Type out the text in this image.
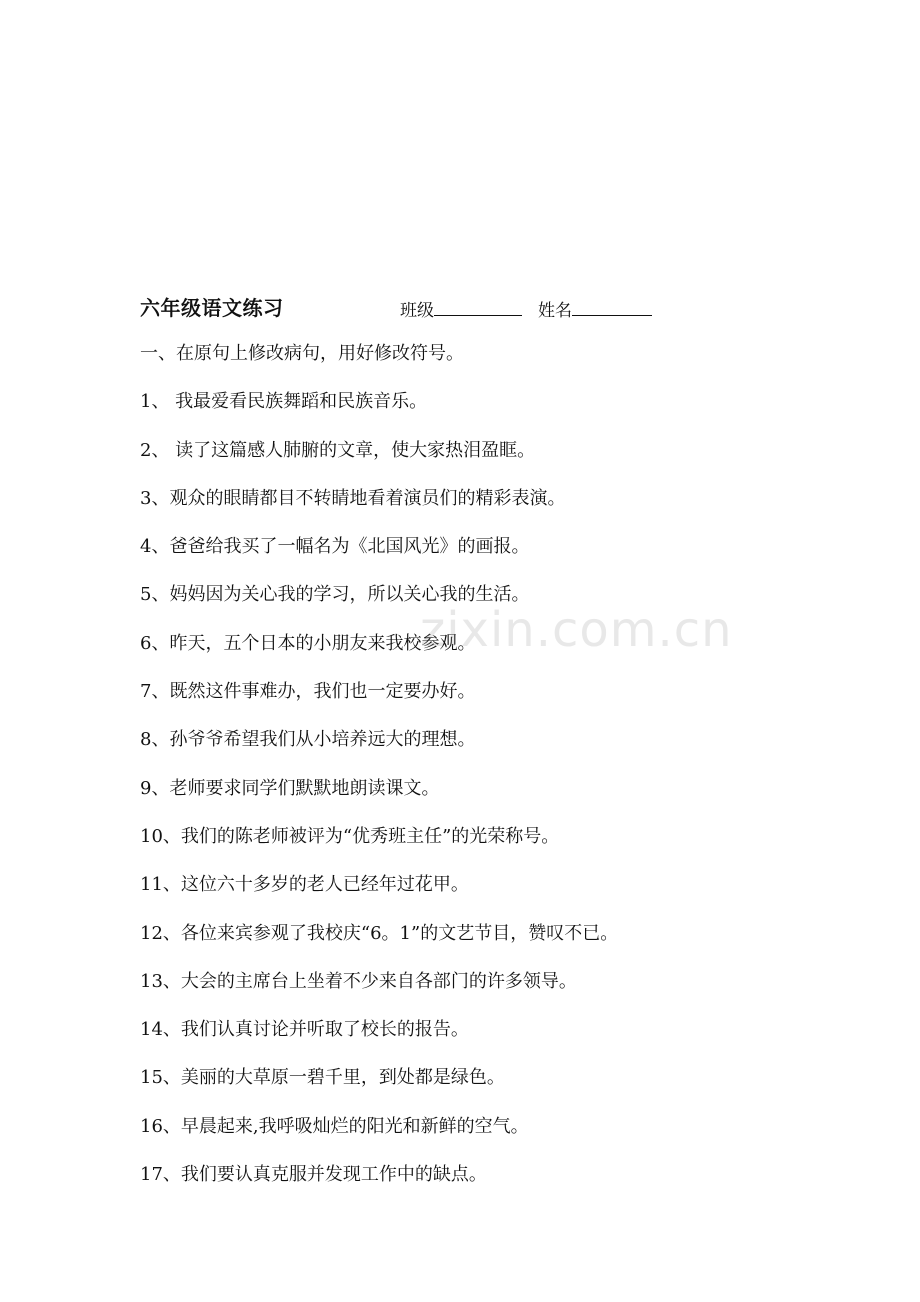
六年级语文练习	班级	姓名
一、在原句上修改病句，用好修改符号。
1、 我最爱看民族舞蹈和民族音乐。
2、 读了这篇感人肺腑的文章，使大家热泪盈眶。
3、观众的眼睛都目不转睛地看着演员们的精彩表演。
4、爸爸给我买了一幅名为《北国风光》的画报。
5、妈妈因为关心我的学习，所以关心我的生活。
6、昨天，五个日本的小朋友来我校参观。
7、既然这件事难办，我们也一定要办好。
8、孙爷爷希望我们从小培养远大的理想。
9、老师要求同学们默默地朗读课文。
10、我们的陈老师被评为“优秀班主任”的光荣称号。
11、这位六十多岁的老人已经年过花甲。
12、各位来宾参观了我校庆“6。1”的文艺节目，赞叹不已。
13、大会的主席台上坐着不少来自各部门的许多领导。
14、我们认真讨论并听取了校长的报告。
15、美丽的大草原一碧千里，到处都是绿色。
16、早晨起来,我呼吸灿烂的阳光和新鲜的空气。
17、我们要认真克服并发现工作中的缺点。
zixin.com.cn
